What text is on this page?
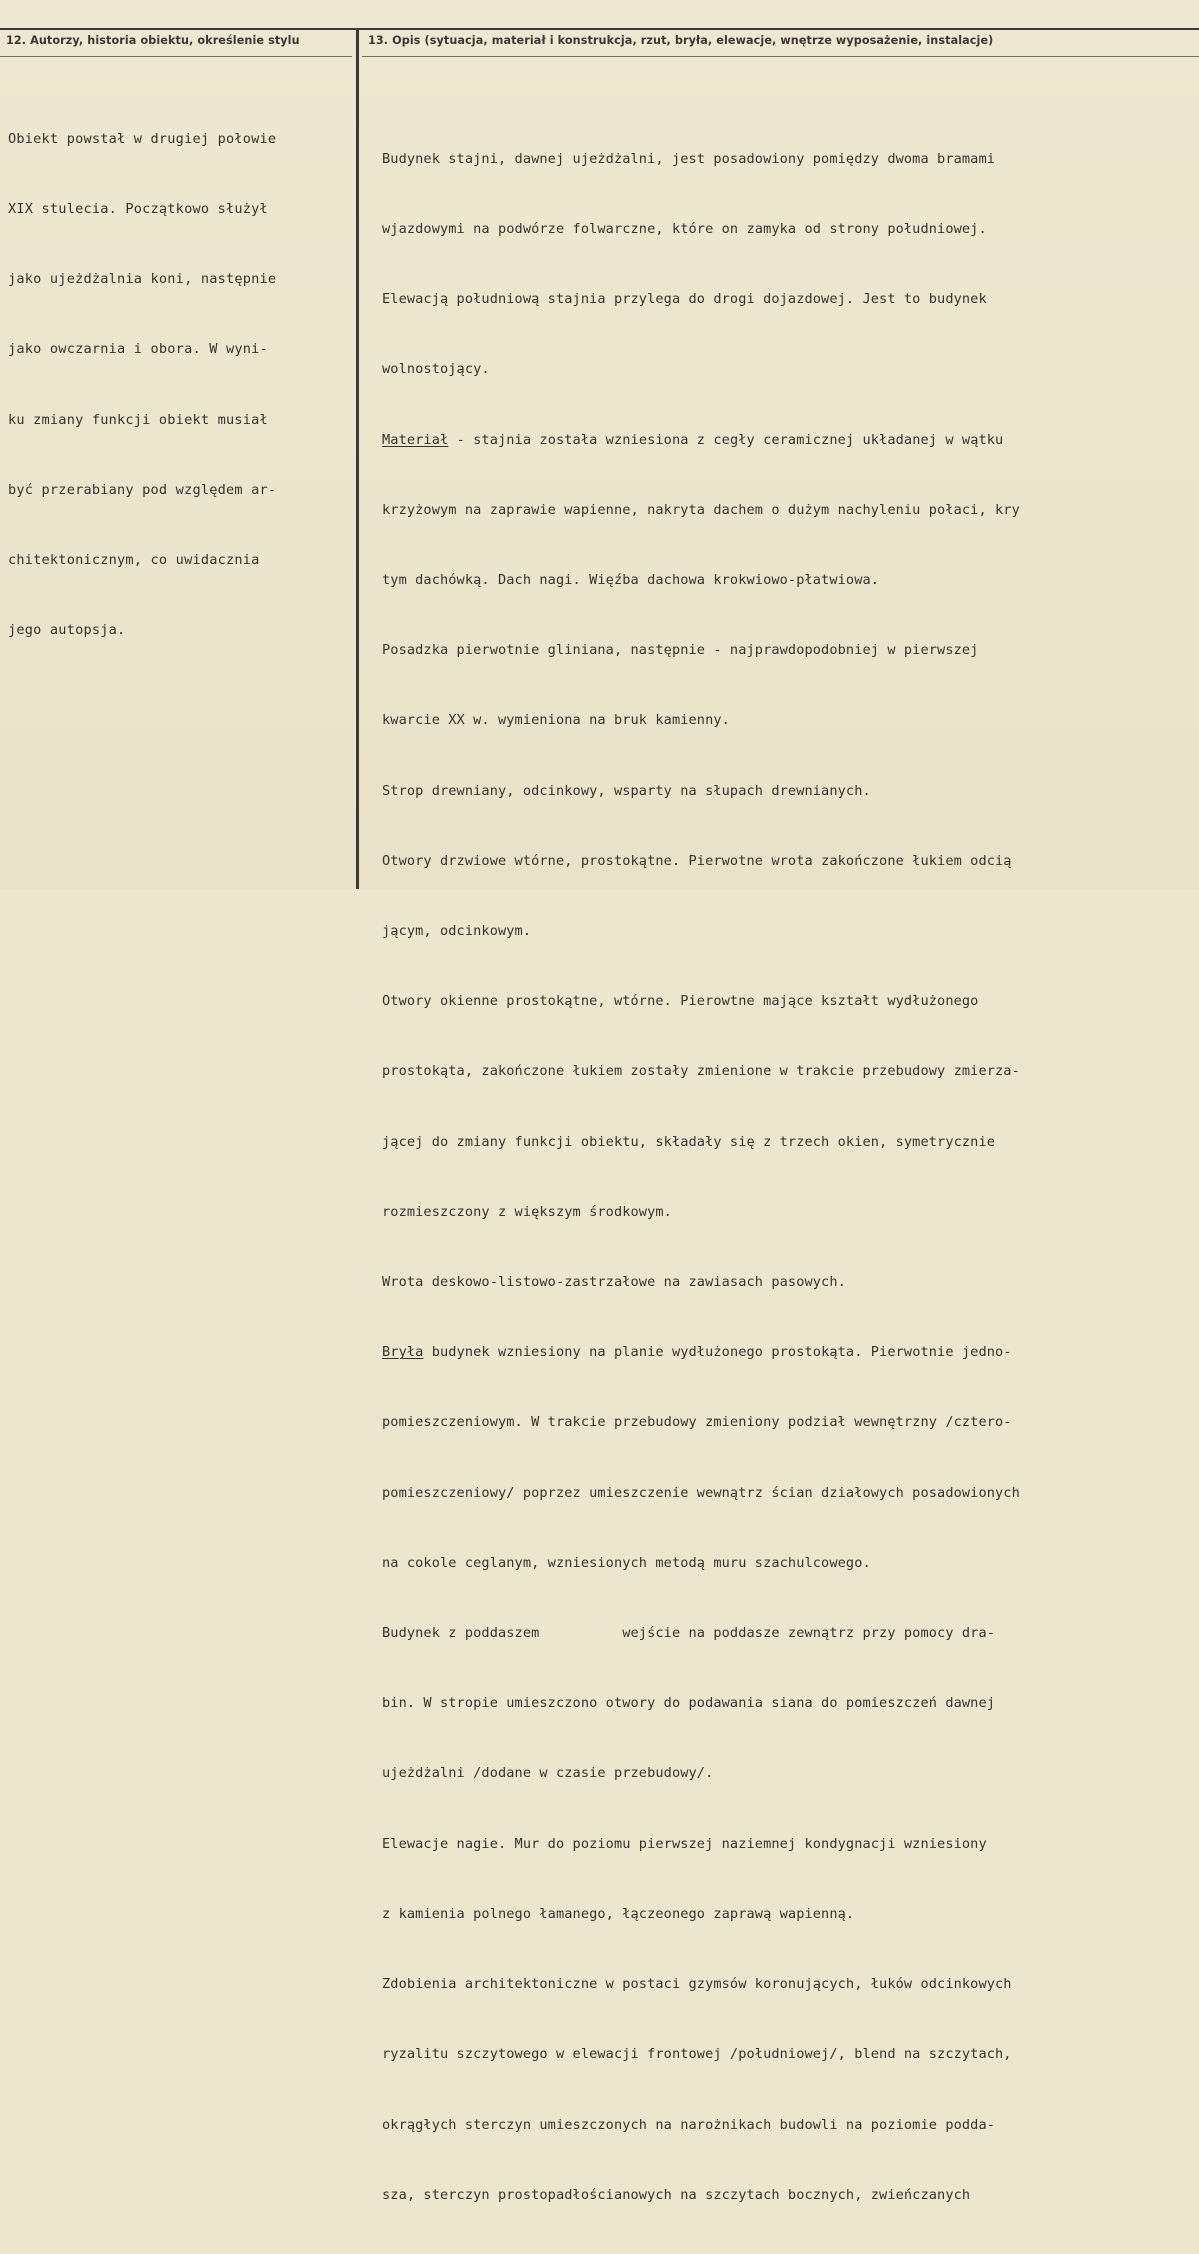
12. Autorzy, historia obiektu, określenie stylu	13. Opis (sytuacja, materiał i konstrukcja, rzut, bryła, elewacje, wnętrze wyposażenie, instalacje)

Obiekt powstał w drugiej połowie

XIX stulecia. Początkowo służył

jako ujeżdżalnia koni, następnie

jako owczarnia i obora. W wyni-

ku zmiany funkcji obiekt musiał

być przerabiany pod względem ar-

chitektonicznym, co uwidacznia

jego autopsja.

Budynek stajni, dawnej ujeżdżalni, jest posadowiony pomiędzy dwoma bramami

wjazdowymi na podwórze folwarczne, które on zamyka od strony południowej.

Elewacją południową stajnia przylega do drogi dojazdowej. Jest to budynek

wolnostojący.

Materiał - stajnia została wzniesiona z cegły ceramicznej układanej w wątku

krzyżowym na zaprawie wapienne, nakryta dachem o dużym nachyleniu połaci, kry

tym dachówką. Dach nagi. Więźba dachowa krokwiowo-płatwiowa.

Posadzka pierwotnie gliniana, następnie - najprawdopodobniej w pierwszej

kwarcie XX w. wymieniona na bruk kamienny.

Strop drewniany, odcinkowy, wsparty na słupach drewnianych.

Otwory drzwiowe wtórne, prostokątne. Pierwotne wrota zakończone łukiem odcią

jącym, odcinkowym.

Otwory okienne prostokątne, wtórne. Pierowtne mające kształt wydłużonego

prostokąta, zakończone łukiem zostały zmienione w trakcie przebudowy zmierza-

jącej do zmiany funkcji obiektu, składały się z trzech okien, symetrycznie

rozmieszczony z większym środkowym.

Wrota deskowo-listowo-zastrzałowe na zawiasach pasowych.

Bryła budynek wzniesiony na planie wydłużonego prostokąta. Pierwotnie jedno-

pomieszczeniowym. W trakcie przebudowy zmieniony podział wewnętrzny /cztero-

pomieszczeniowy/ poprzez umieszczenie wewnątrz ścian działowych posadowionych

na cokole ceglanym, wzniesionych metodą muru szachulcowego.

Budynek z poddaszem          wejście na poddasze zewnątrz przy pomocy dra-

bin. W stropie umieszczono otwory do podawania siana do pomieszczeń dawnej

ujeżdżalni /dodane w czasie przebudowy/.

Elewacje nagie. Mur do poziomu pierwszej naziemnej kondygnacji wzniesiony

z kamienia polnego łamanego, łączeonego zaprawą wapienną.

Zdobienia architektoniczne w postaci gzymsów koronujących, łuków odcinkowych

ryzalitu szczytowego w elewacji frontowej /południowej/, blend na szczytach,

okrągłych sterczyn umieszczonych na narożnikach budowli na poziomie podda-

sza, sterczyn prostopadłościanowych na szczytach bocznych, zwieńczanych
